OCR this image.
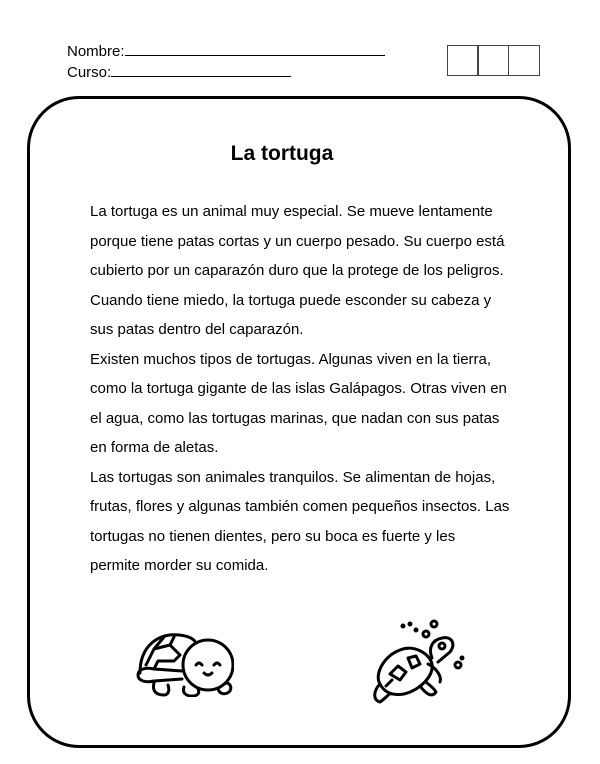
Nombre:
Curso:
La tortuga
La tortuga es un animal muy especial. Se mueve lentamente
porque tiene patas cortas y un cuerpo pesado. Su cuerpo está
cubierto por un caparazón duro que la protege de los peligros.
Cuando tiene miedo, la tortuga puede esconder su cabeza y
sus patas dentro del caparazón.
Existen muchos tipos de tortugas. Algunas viven en la tierra,
como la tortuga gigante de las islas Galápagos. Otras viven en
el agua, como las tortugas marinas, que nadan con sus patas
en forma de aletas.
Las tortugas son animales tranquilos. Se alimentan de hojas,
frutas, flores y algunas también comen pequeños insectos. Las
tortugas no tienen dientes, pero su boca es fuerte y les
permite morder su comida.
